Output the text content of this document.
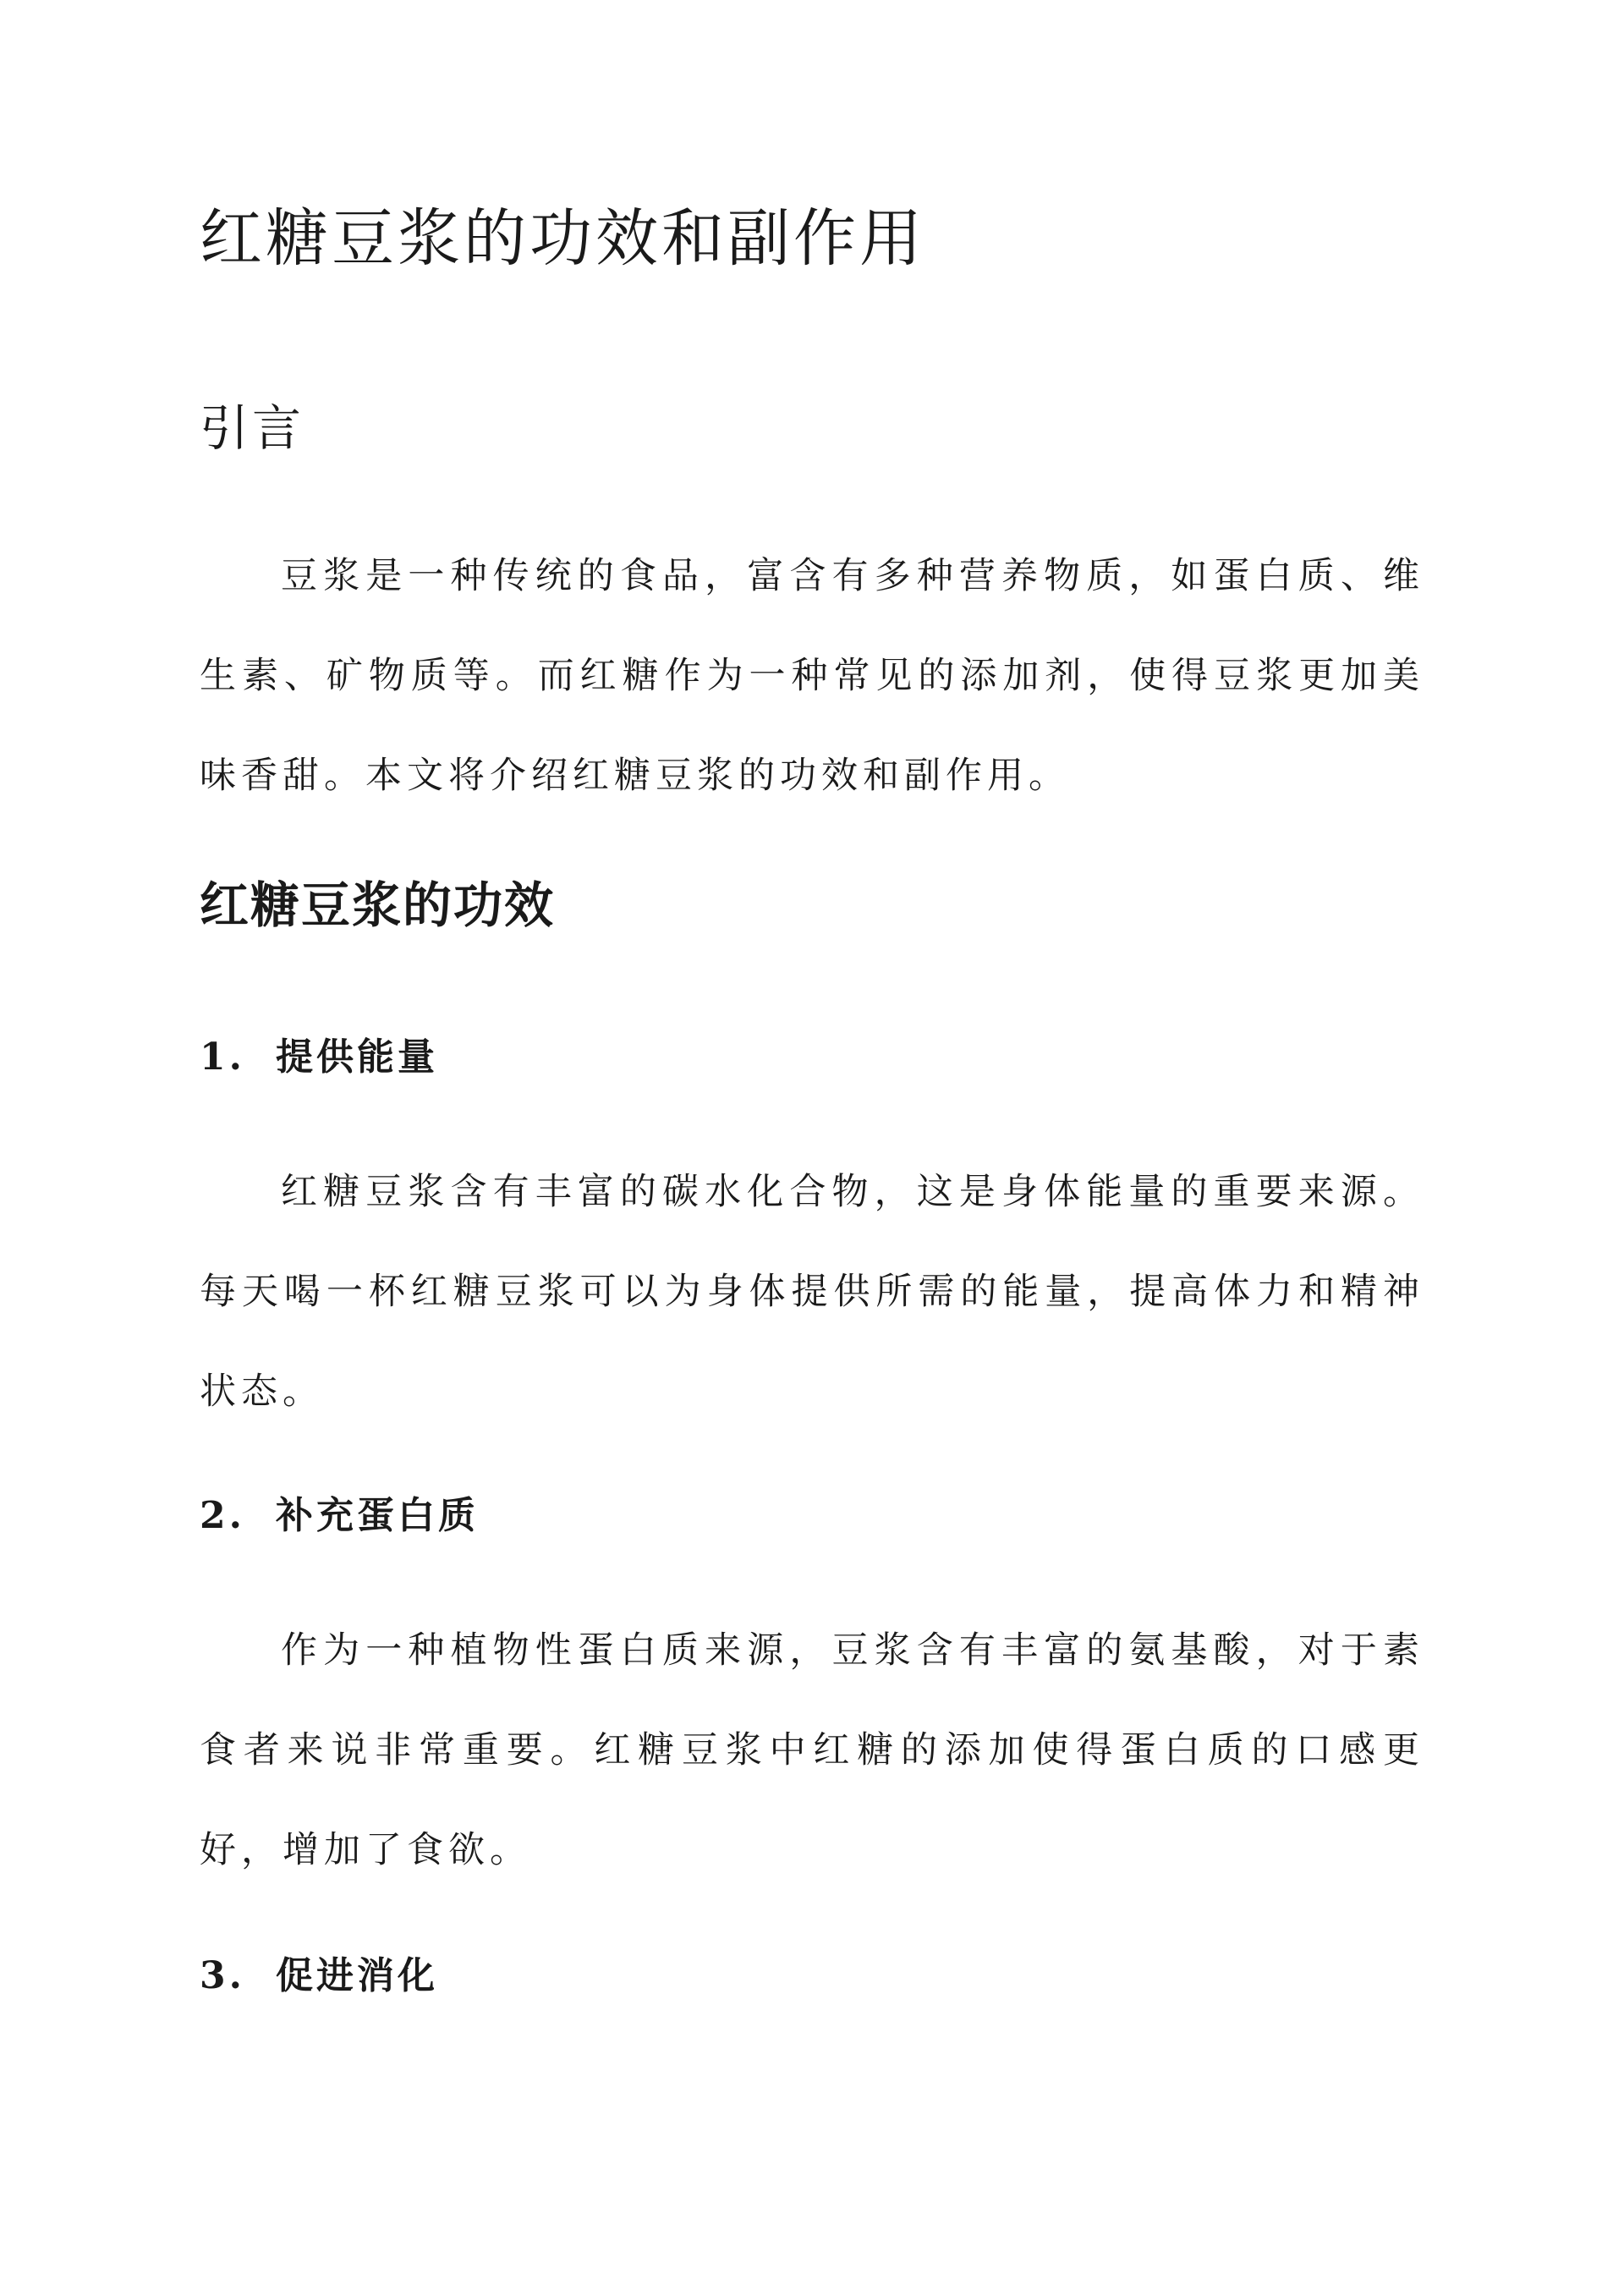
红糖豆浆的功效和副作用
引言

豆浆是一种传统的食品，富含有多种营养物质，如蛋白质、维生素、矿物质等。而红糖作为一种常见的添加剂，使得豆浆更加美味香甜。本文将介绍红糖豆浆的功效和副作用。

红糖豆浆的功效
1. 提供能量

红糖豆浆含有丰富的碳水化合物，这是身体能量的重要来源。每天喝一杯红糖豆浆可以为身体提供所需的能量，提高体力和精神状态。

2. 补充蛋白质

作为一种植物性蛋白质来源，豆浆含有丰富的氨基酸，对于素食者来说非常重要。红糖豆浆中红糖的添加使得蛋白质的口感更好，增加了食欲。

3. 促进消化
